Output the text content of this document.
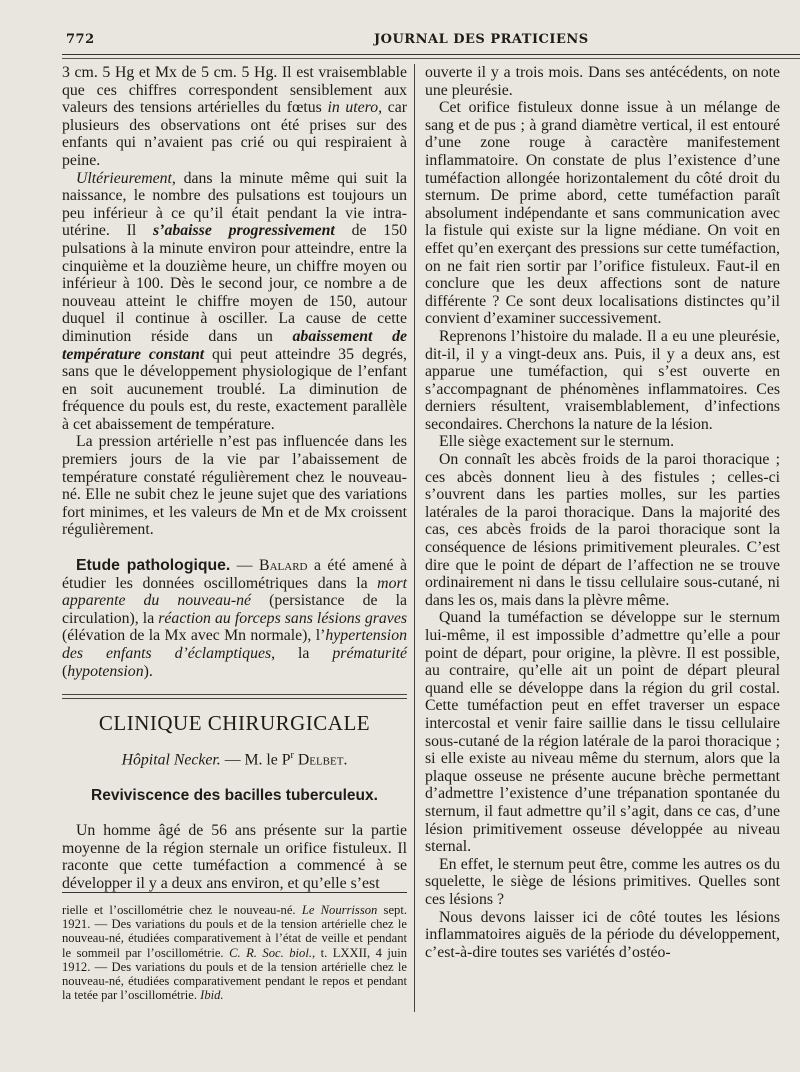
772	JOURNAL DES PRATICIENS

3 cm. 5 Hg et Mx de 5 cm. 5 Hg. Il est vraisemblable que ces chiffres correspondent sensiblement aux valeurs des tensions artérielles du fœtus in utero, car plusieurs des observations ont été prises sur des enfants qui n’avaient pas crié ou qui respiraient à peine.

Ultérieurement, dans la minute même qui suit la naissance, le nombre des pulsations est toujours un peu inférieur à ce qu’il était pendant la vie intra-utérine. Il s’abaisse progressivement de 150 pulsations à la minute environ pour atteindre, entre la cinquième et la douzième heure, un chiffre moyen ou inférieur à 100. Dès le second jour, ce nombre a de nouveau atteint le chiffre moyen de 150, autour duquel il continue à osciller. La cause de cette diminution réside dans un abaissement de température constant qui peut atteindre 35 degrés, sans que le développement physiologique de l’enfant en soit aucunement troublé. La diminution de fréquence du pouls est, du reste, exactement parallèle à cet abaissement de température.

La pression artérielle n’est pas influencée dans les premiers jours de la vie par l’abaissement de température constaté régulièrement chez le nouveau-né. Elle ne subit chez le jeune sujet que des variations fort minimes, et les valeurs de Mn et de Mx croissent régulièrement.

Etude pathologique. — Balard a été amené à étudier les données oscillométriques dans la mort apparente du nouveau-né (persistance de la circulation), la réaction au forceps sans lésions graves (élévation de la Mx avec Mn normale), l’hypertension des enfants d’éclamptiques, la prématurité (hypotension).

CLINIQUE CHIRURGICALE
Hôpital Necker. — M. le $P^r$ Delbet.
Reviviscence des bacilles tuberculeux.

Un homme âgé de 56 ans présente sur la partie moyenne de la région sternale un orifice fistuleux. Il raconte que cette tuméfaction a commencé à se développer il y a deux ans environ, et qu’elle s’est

rielle et l’oscillométrie chez le nouveau-né. Le Nourrisson sept. 1921. — Des variations du pouls et de la tension artérielle chez le nouveau-né, étudiées comparativement à l’état de veille et pendant le sommeil par l’oscillométrie. C. R. Soc. biol., t. LXXII, 4 juin 1912. — Des variations du pouls et de la tension artérielle chez le nouveau-né, étudiées comparativement pendant le repos et pendant la tetée par l’oscillométrie. Ibid.

ouverte il y a trois mois. Dans ses antécédents, on note une pleurésie.

Cet orifice fistuleux donne issue à un mélange de sang et de pus ; à grand diamètre vertical, il est entouré d’une zone rouge à caractère manifestement inflammatoire. On constate de plus l’existence d’une tuméfaction allongée horizontalement du côté droit du sternum. De prime abord, cette tuméfaction paraît absolument indépendante et sans communication avec la fistule qui existe sur la ligne médiane. On voit en effet qu’en exerçant des pressions sur cette tuméfaction, on ne fait rien sortir par l’orifice fistuleux. Faut-il en conclure que les deux affections sont de nature différente ? Ce sont deux localisations distinctes qu’il convient d’examiner successivement.

Reprenons l’histoire du malade. Il a eu une pleurésie, dit-il, il y a vingt-deux ans. Puis, il y a deux ans, est apparue une tuméfaction, qui s’est ouverte en s’accompagnant de phénomènes inflammatoires. Ces derniers résultent, vraisemblablement, d’infections secondaires. Cherchons la nature de la lésion.

Elle siège exactement sur le sternum.

On connaît les abcès froids de la paroi thoracique ; ces abcès donnent lieu à des fistules ; celles-ci s’ouvrent dans les parties molles, sur les parties latérales de la paroi thoracique. Dans la majorité des cas, ces abcès froids de la paroi thoracique sont la conséquence de lésions primitivement pleurales. C’est dire que le point de départ de l’affection ne se trouve ordinairement ni dans le tissu cellulaire sous-cutané, ni dans les os, mais dans la plèvre même.

Quand la tuméfaction se développe sur le sternum lui-même, il est impossible d’admettre qu’elle a pour point de départ, pour origine, la plèvre. Il est possible, au contraire, qu’elle ait un point de départ pleural quand elle se développe dans la région du gril costal. Cette tuméfaction peut en effet traverser un espace intercostal et venir faire saillie dans le tissu cellulaire sous-cutané de la région latérale de la paroi thoracique ; si elle existe au niveau même du sternum, alors que la plaque osseuse ne présente aucune brèche permettant d’admettre l’existence d’une trépanation spontanée du sternum, il faut admettre qu’il s’agit, dans ce cas, d’une lésion primitivement osseuse développée au niveau sternal.

En effet, le sternum peut être, comme les autres os du squelette, le siège de lésions primitives. Quelles sont ces lésions ?

Nous devons laisser ici de côté toutes les lésions inflammatoires aiguës de la période du développement, c’est-à-dire toutes ses variétés d’ostéo-
